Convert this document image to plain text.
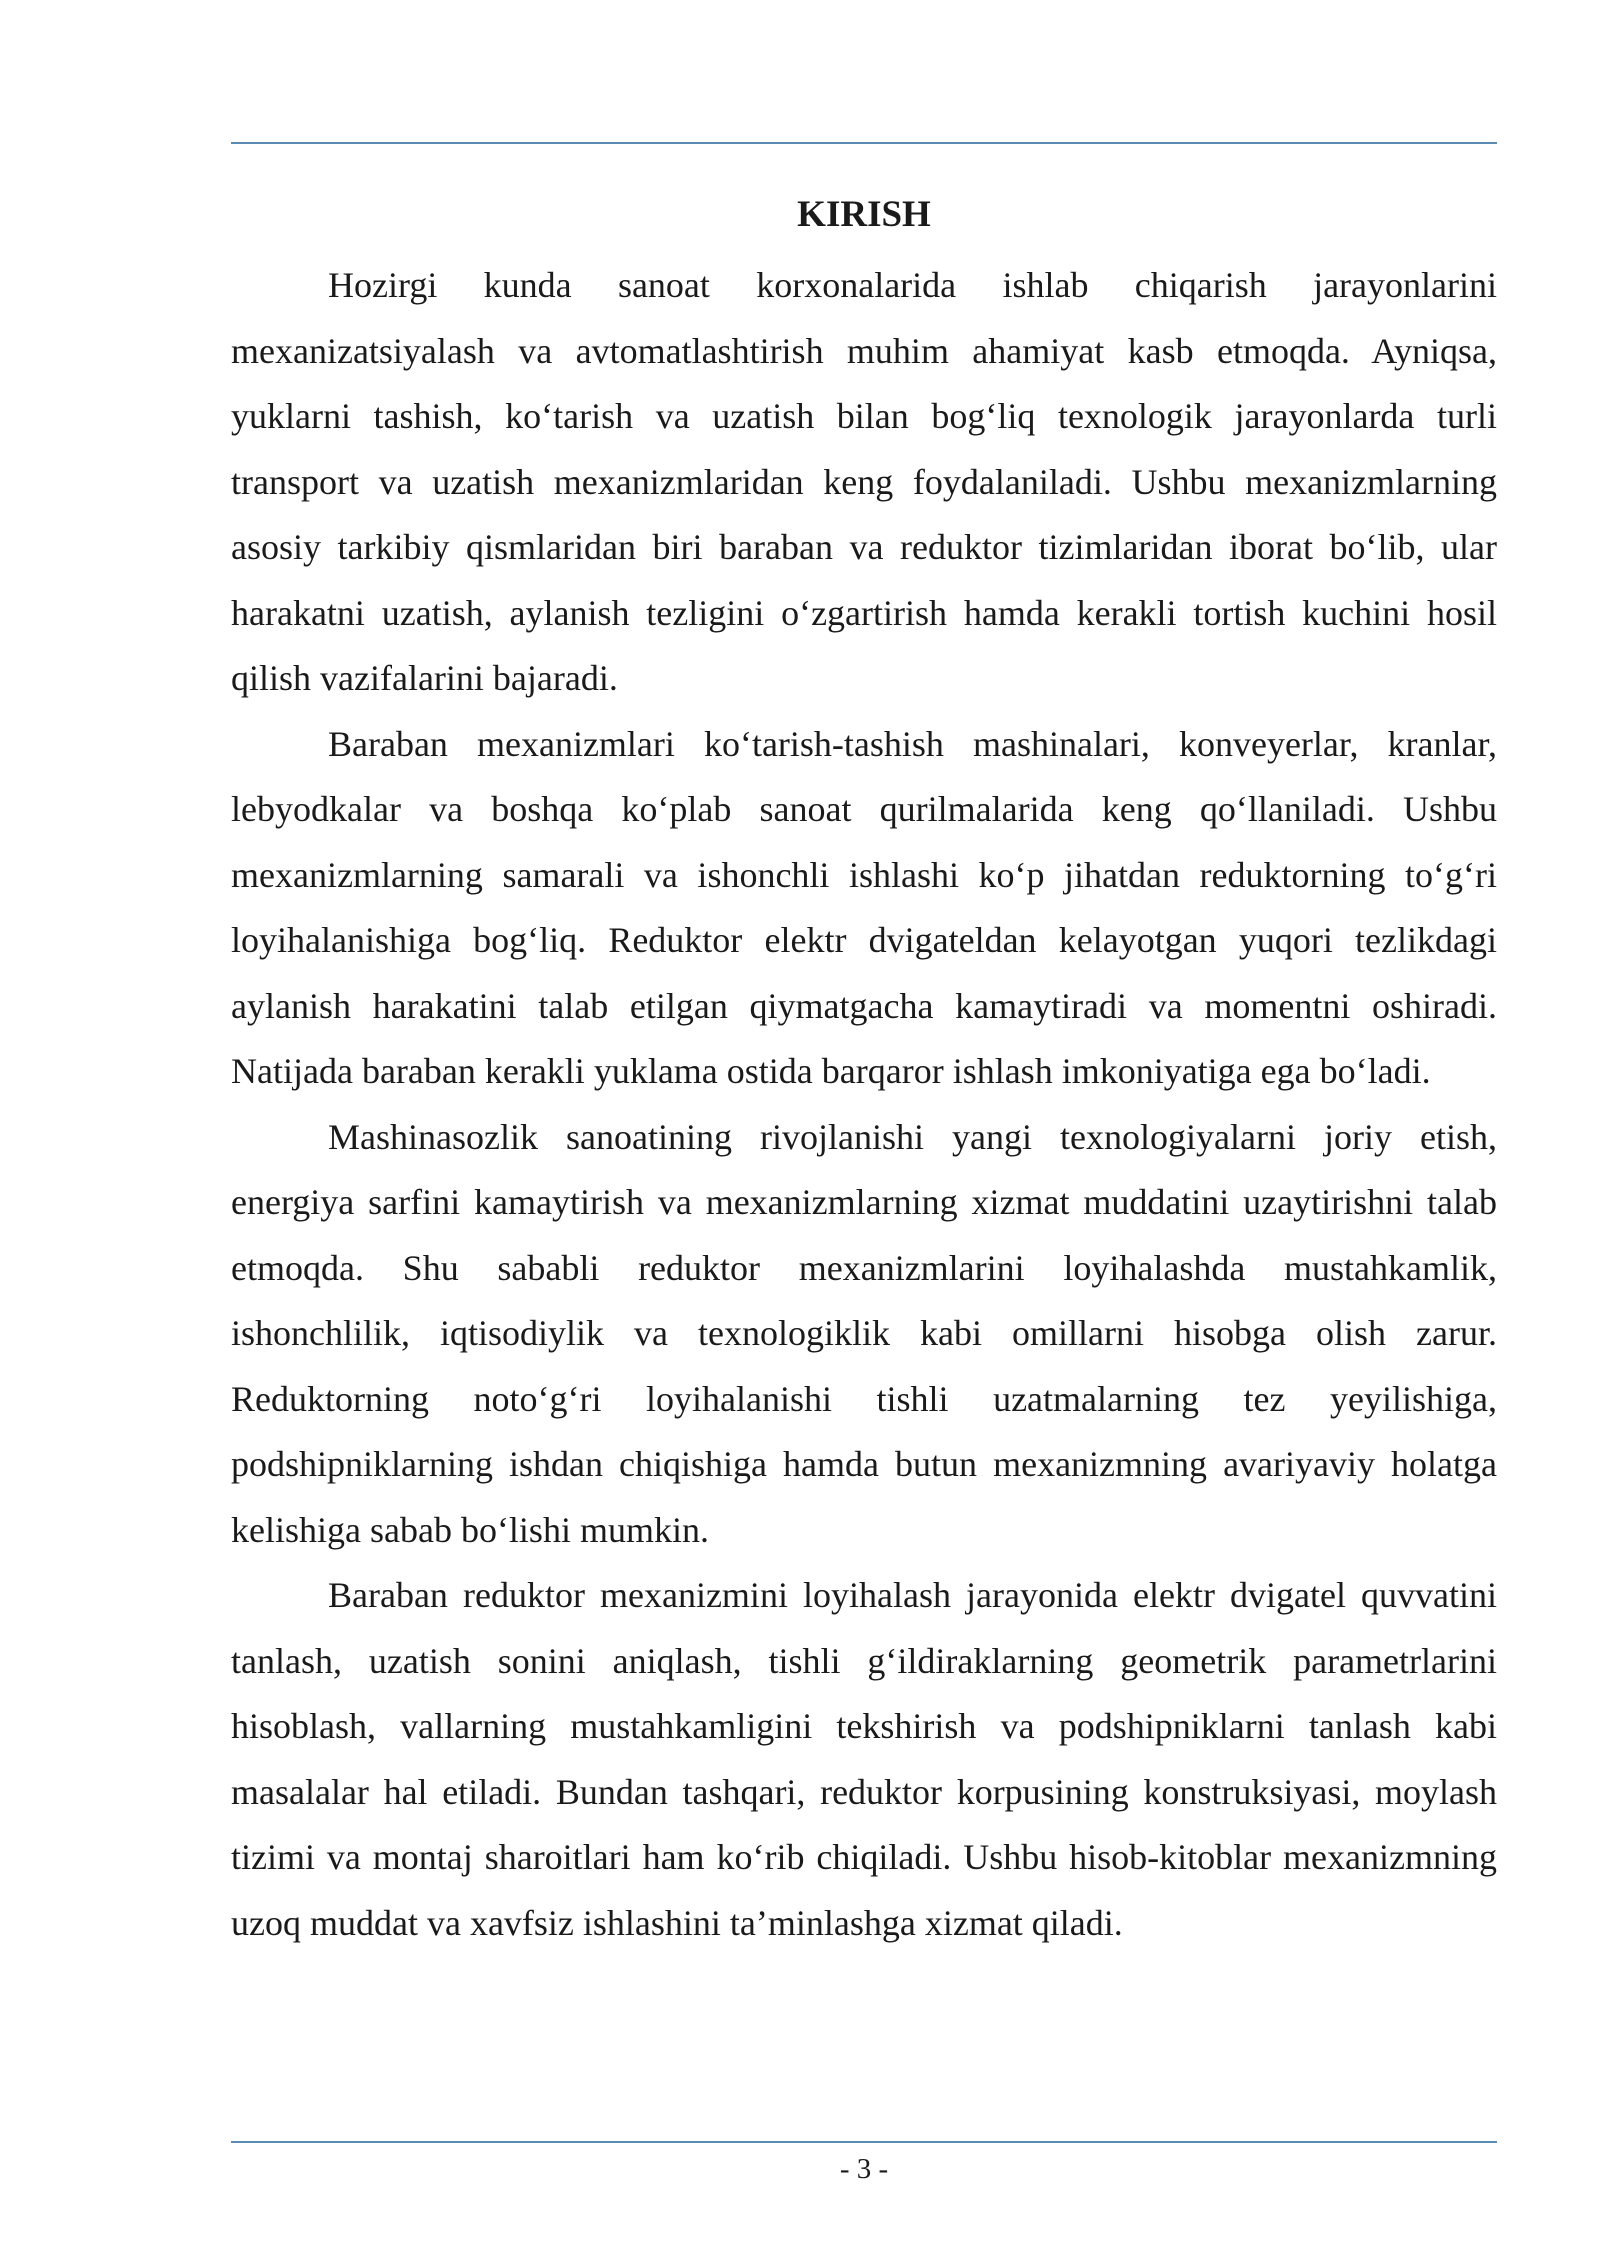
KIRISH

Hozirgi kunda sanoat korxonalarida ishlab chiqarish jarayonlarini mexanizatsiyalash va avtomatlashtirish muhim ahamiyat kasb etmoqda. Ayniqsa, yuklarni tashish, ko‘tarish va uzatish bilan bog‘liq texnologik jarayonlarda turli transport va uzatish mexanizmlaridan keng foydalaniladi. Ushbu mexanizmlarning asosiy tarkibiy qismlaridan biri baraban va reduktor tizimlaridan iborat bo‘lib, ular harakatni uzatish, aylanish tezligini o‘zgartirish hamda kerakli tortish kuchini hosil qilish vazifalarini bajaradi.

Baraban mexanizmlari ko‘tarish-tashish mashinalari, konveyerlar, kranlar, lebyodkalar va boshqa ko‘plab sanoat qurilmalarida keng qo‘llaniladi. Ushbu mexanizmlarning samarali va ishonchli ishlashi ko‘p jihatdan reduktorning to‘g‘ri loyihalanishiga bog‘liq. Reduktor elektr dvigateldan kelayotgan yuqori tezlikdagi aylanish harakatini talab etilgan qiymatgacha kamaytiradi va momentni oshiradi. Natijada baraban kerakli yuklama ostida barqaror ishlash imkoniyatiga ega bo‘ladi.

Mashinasozlik sanoatining rivojlanishi yangi texnologiyalarni joriy etish, energiya sarfini kamaytirish va mexanizmlarning xizmat muddatini uzaytirishni talab etmoqda. Shu sababli reduktor mexanizmlarini loyihalashda mustahkamlik, ishonchlilik, iqtisodiylik va texnologiklik kabi omillarni hisobga olish zarur. Reduktorning noto‘g‘ri loyihalanishi tishli uzatmalarning tez yeyilishiga, podshipniklarning ishdan chiqishiga hamda butun mexanizmning avariyaviy holatga kelishiga sabab bo‘lishi mumkin.

Baraban reduktor mexanizmini loyihalash jarayonida elektr dvigatel quvvatini tanlash, uzatish sonini aniqlash, tishli g‘ildiraklarning geometrik parametrlarini hisoblash, vallarning mustahkamligini tekshirish va podshipniklarni tanlash kabi masalalar hal etiladi. Bundan tashqari, reduktor korpusining konstruksiyasi, moylash tizimi va montaj sharoitlari ham ko‘rib chiqiladi. Ushbu hisob-kitoblar mexanizmning uzoq muddat va xavfsiz ishlashini ta’minlashga xizmat qiladi.

- 3 -
